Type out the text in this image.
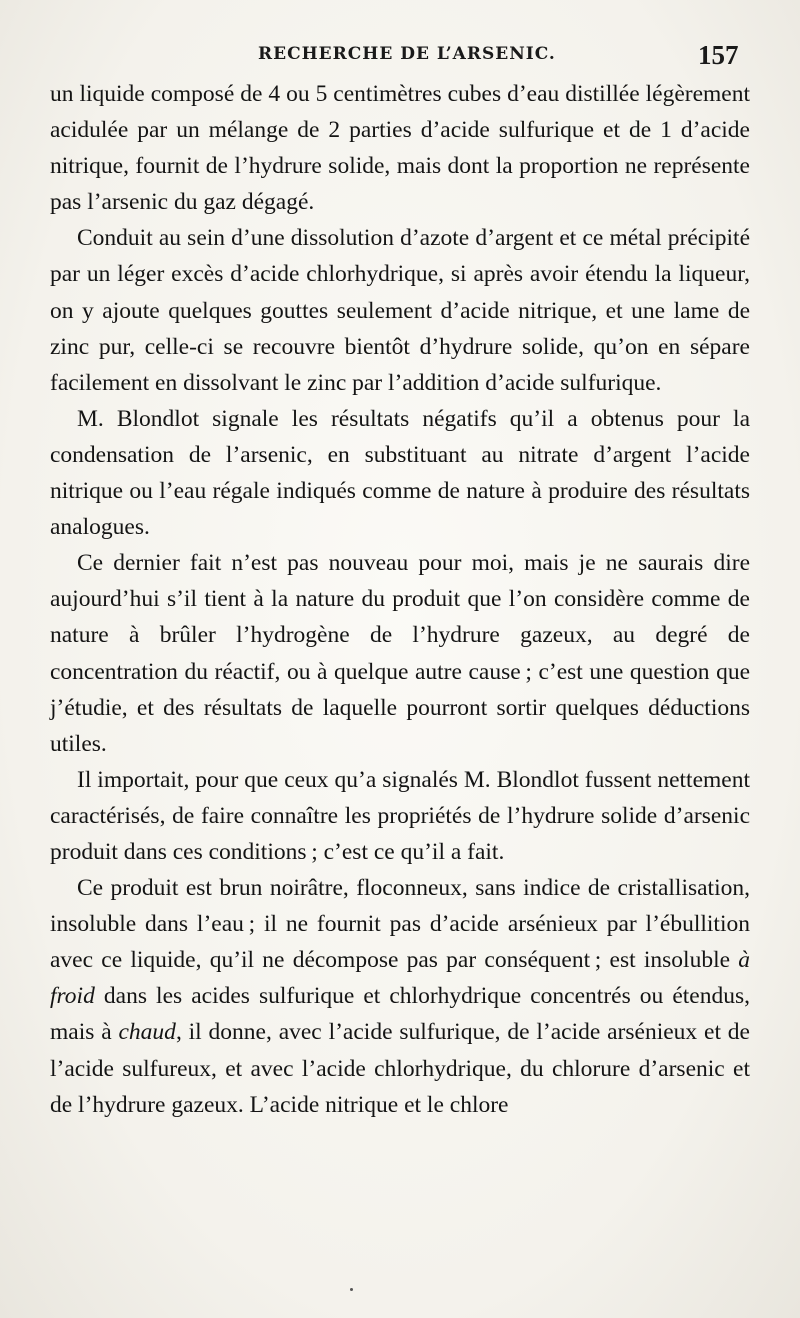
RECHERCHE DE L’ARSENIC.	157

un liquide composé de 4 ou 5 centimètres cubes d’eau distillée légèrement acidulée par un mélange de 2 parties d’acide sulfurique et de 1 d’acide nitrique, fournit de l’hydrure solide, mais dont la proportion ne représente pas l’arsenic du gaz dégagé.

Conduit au sein d’une dissolution d’azote d’argent et ce métal précipité par un léger excès d’acide chlorhydrique, si après avoir étendu la liqueur, on y ajoute quelques gouttes seulement d’acide nitrique, et une lame de zinc pur, celle-ci se recouvre bientôt d’hydrure solide, qu’on en sépare facilement en dissolvant le zinc par l’addition d’acide sulfurique.

M. Blondlot signale les résultats négatifs qu’il a obtenus pour la condensation de l’arsenic, en substituant au nitrate d’argent l’acide nitrique ou l’eau régale indiqués comme de nature à produire des résultats analogues.

Ce dernier fait n’est pas nouveau pour moi, mais je ne saurais dire aujourd’hui s’il tient à la nature du produit que l’on considère comme de nature à brûler l’hydrogène de l’hydrure gazeux, au degré de concentration du réactif, ou à quelque autre cause ; c’est une question que j’étudie, et des résultats de laquelle pourront sortir quelques déductions utiles.

Il importait, pour que ceux qu’a signalés M. Blondlot fussent nettement caractérisés, de faire connaître les propriétés de l’hydrure solide d’arsenic produit dans ces conditions ; c’est ce qu’il a fait.

Ce produit est brun noirâtre, floconneux, sans indice de cristallisation, insoluble dans l’eau ; il ne fournit pas d’acide arsénieux par l’ébullition avec ce liquide, qu’il ne décompose pas par conséquent ; est insoluble à froid dans les acides sulfurique et chlorhydrique concentrés ou étendus, mais à chaud, il donne, avec l’acide sulfurique, de l’acide arsénieux et de l’acide sulfureux, et avec l’acide chlorhydrique, du chlorure d’arsenic et de l’hydrure gazeux. L’acide nitrique et le chlore
